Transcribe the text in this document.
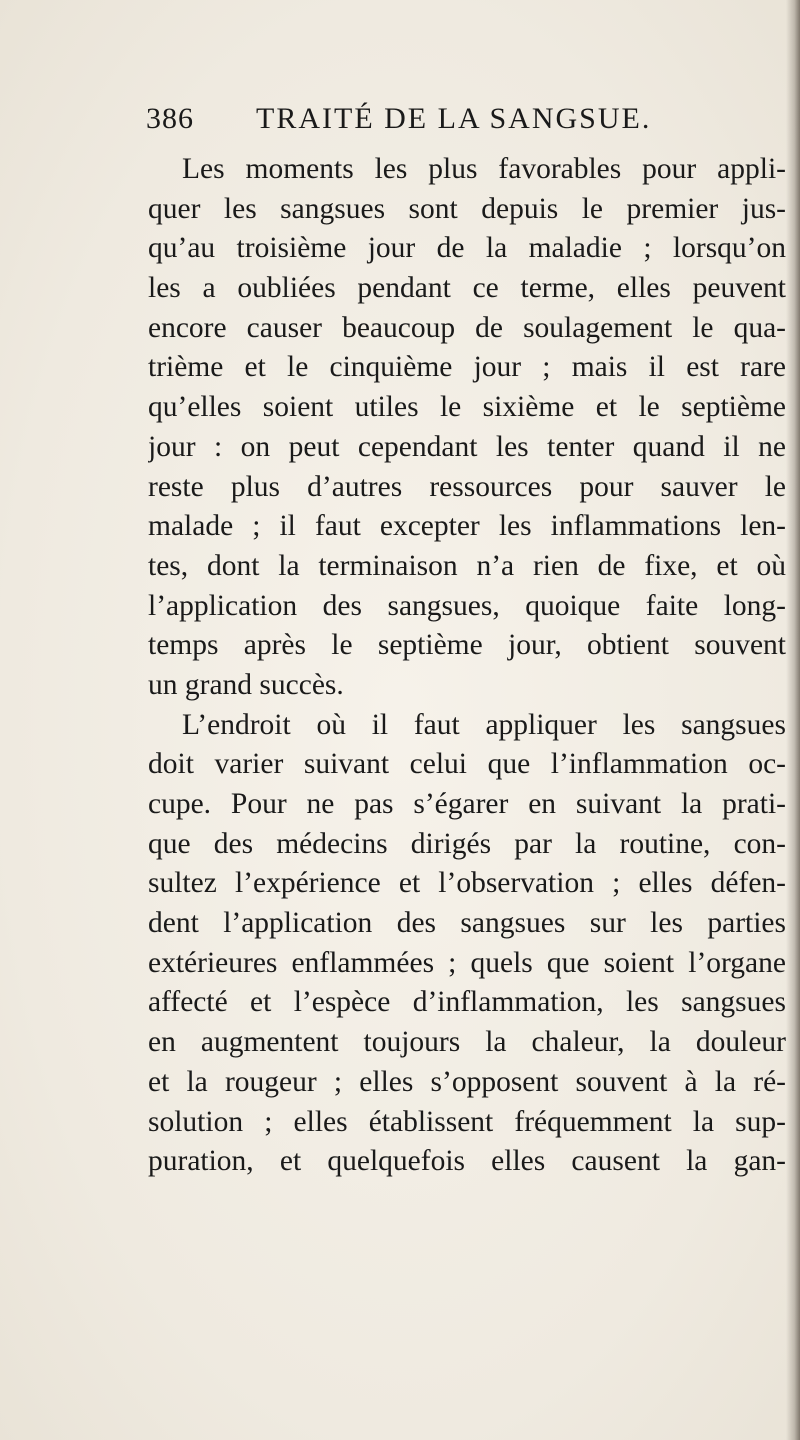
386 TRAITÉ DE LA SANGSUE.
Les moments les plus favorables pour appli-
quer les sangsues sont depuis le premier jus-
qu’au troisième jour de la maladie ; lorsqu’on
les a oubliées pendant ce terme, elles peuvent
encore causer beaucoup de soulagement le qua-
trième et le cinquième jour ; mais il est rare
qu’elles soient utiles le sixième et le septième
jour : on peut cependant les tenter quand il ne
reste plus d’autres ressources pour sauver le
malade ; il faut excepter les inflammations len-
tes, dont la terminaison n’a rien de fixe, et où
l’application des sangsues, quoique faite long-
temps après le septième jour, obtient souvent
un grand succès.
L’endroit où il faut appliquer les sangsues
doit varier suivant celui que l’inflammation oc-
cupe. Pour ne pas s’égarer en suivant la prati-
que des médecins dirigés par la routine, con-
sultez l’expérience et l’observation ; elles défen-
dent l’application des sangsues sur les parties
extérieures enflammées ; quels que soient l’organe
affecté et l’espèce d’inflammation, les sangsues
en augmentent toujours la chaleur, la douleur
et la rougeur ; elles s’opposent souvent à la ré-
solution ; elles établissent fréquemment la sup-
puration, et quelquefois elles causent la gan-
